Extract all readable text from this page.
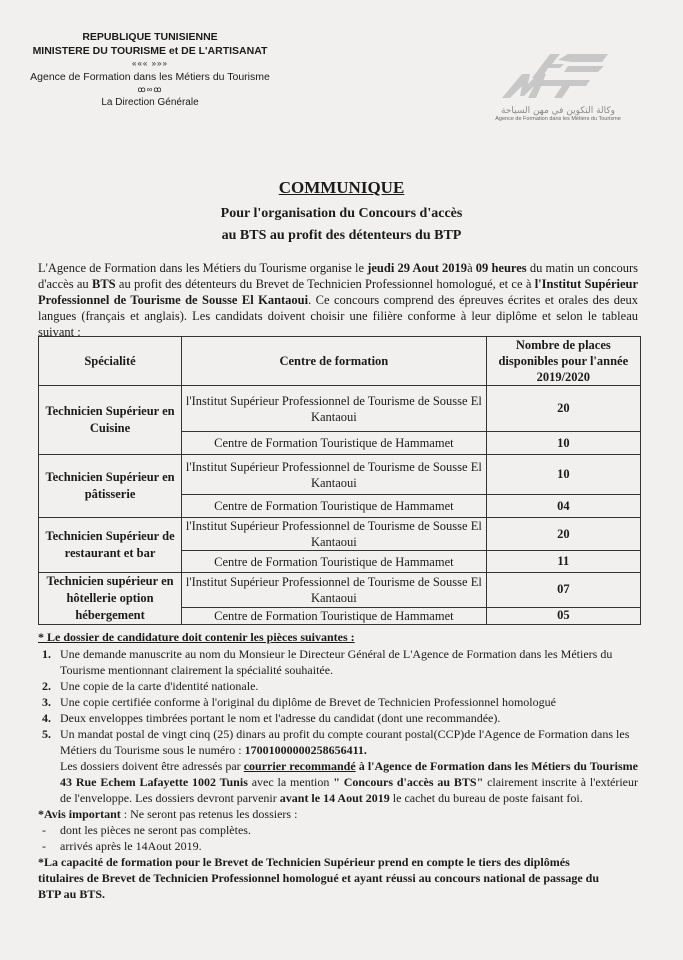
REPUBLIQUE TUNISIENNE
MINISTERE DU TOURISME et DE L'ARTISANAT
««« »»»
Agence de Formation dans les Métiers du Tourisme
ꝏ∞ꝏ
La Direction Générale
وكالة التكوين في مهن السياحة
Agence de Formation dans les Métiers du Tourisme
COMMUNIQUE
Pour l'organisation du Concours d'accès
au BTS au profit des détenteurs du BTP
L'Agence de Formation dans les Métiers du Tourisme organise le jeudi 29 Aout 2019à 09 heures du matin un concours d'accès au BTS au profit des détenteurs du Brevet de Technicien Professionnel homologué, et ce à l'Institut Supérieur Professionnel de Tourisme de Sousse El Kantaoui. Ce concours comprend des épreuves écrites et orales des deux langues (français et anglais). Les candidats doivent choisir une filière conforme à leur diplôme et selon le tableau suivant :
Spécialité	Centre de formation	Nombre de places disponibles pour l'année 2019/2020
Technicien Supérieur en Cuisine	l'Institut Supérieur Professionnel de Tourisme de Sousse El Kantaoui	20
	Centre de Formation Touristique de Hammamet	10
Technicien Supérieur en pâtisserie	l'Institut Supérieur Professionnel de Tourisme de Sousse El Kantaoui	10
	Centre de Formation Touristique de Hammamet	04
Technicien Supérieur de restaurant et bar	l'Institut Supérieur Professionnel de Tourisme de Sousse El Kantaoui	20
	Centre de Formation Touristique de Hammamet	11
Technicien supérieur en hôtellerie option hébergement	l'Institut Supérieur Professionnel de Tourisme de Sousse El Kantaoui	07
	Centre de Formation Touristique de Hammamet	05
* Le dossier de candidature doit contenir les pièces suivantes :
1. Une demande manuscrite au nom du Monsieur le Directeur Général de L'Agence de Formation dans les Métiers du Tourisme mentionnant clairement la spécialité souhaitée.
2. Une copie de la carte d'identité nationale.
3. Une copie certifiée conforme à l'original du diplôme de Brevet de Technicien Professionnel homologué
4. Deux enveloppes timbrées portant le nom et l'adresse du candidat (dont une recommandée).
5. Un mandat postal de vingt cinq (25) dinars au profit du compte courant postal(CCP)de l'Agence de Formation dans les Métiers du Tourisme sous le numéro : 17001000000258656411.
Les dossiers doivent être adressés par courrier recommandé à l'Agence de Formation dans les Métiers du Tourisme 43 Rue Echem Lafayette 1002 Tunis avec la mention " Concours d'accès au BTS" clairement inscrite à l'extérieur de l'enveloppe. Les dossiers devront parvenir avant le 14 Aout 2019 le cachet du bureau de poste faisant foi.
*Avis important : Ne seront pas retenus les dossiers :
- dont les pièces ne seront pas complètes.
- arrivés après le 14Aout 2019.
*La capacité de formation pour le Brevet de Technicien Supérieur prend en compte le tiers des diplômés titulaires de Brevet de Technicien Professionnel homologué et ayant réussi au concours national de passage du BTP au BTS.
